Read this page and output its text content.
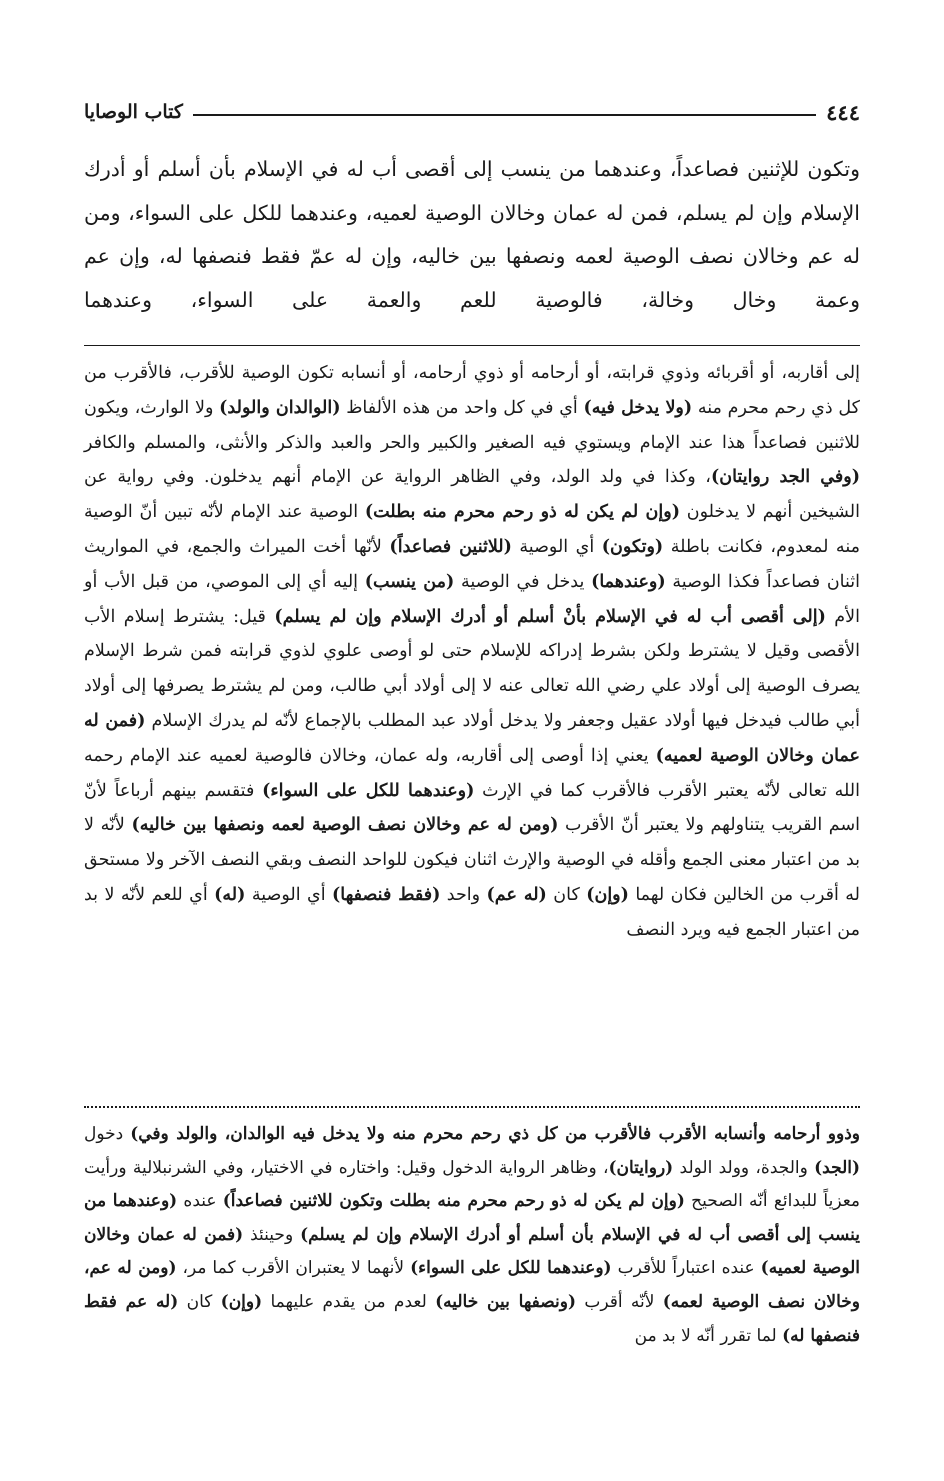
٤٤٤
كتاب الوصايا

وتكون للإثنين فصاعداً، وعندهما من ينسب إلى أقصى أب له في الإسلام بأن أسلم أو أدرك الإسلام وإن لم يسلم، فمن له عمان وخالان الوصية لعميه، وعندهما للكل على السواء، ومن له عم وخالان نصف الوصية لعمه ونصفها بين خاليه، وإن له عمّ فقط فنصفها له، وإن عم وعمة وخال وخالة، فالوصية للعم والعمة على السواء، وعندهما

إلى أقاربه، أو أقربائه وذوي قرابته، أو أرحامه أو ذوي أرحامه، أو أنسابه تكون الوصية للأقرب، فالأقرب من كل ذي رحم محرم منه (ولا يدخل فيه) أي في كل واحد من هذه الألفاظ (الوالدان والولد) ولا الوارث، ويكون للاثنين فصاعداً هذا عند الإمام ويستوي فيه الصغير والكبير والحر والعبد والذكر والأنثى، والمسلم والكافر (وفي الجد روايتان)، وكذا في ولد الولد، وفي الظاهر الرواية عن الإمام أنهم يدخلون. وفي رواية عن الشيخين أنهم لا يدخلون (وإن لم يكن له ذو رحم محرم منه بطلت) الوصية عند الإمام لأنّه تبين أنّ الوصية منه لمعدوم، فكانت باطلة (وتكون) أي الوصية (للاثنين فصاعداً) لأنّها أخت الميراث والجمع، في المواريث اثنان فصاعداً فكذا الوصية (وعندهما) يدخل في الوصية (من ينسب) إليه أي إلى الموصي، من قبل الأب أو الأم (إلى أقصى أب له في الإسلام بأنْ أسلم أو أدرك الإسلام وإن لم يسلم) قيل: يشترط إسلام الأب الأقصى وقيل لا يشترط ولكن بشرط إدراكه للإسلام حتى لو أوصى علوي لذوي قرابته فمن شرط الإسلام يصرف الوصية إلى أولاد علي رضي الله تعالى عنه لا إلى أولاد أبي طالب، ومن لم يشترط يصرفها إلى أولاد أبي طالب فيدخل فيها أولاد عقيل وجعفر ولا يدخل أولاد عبد المطلب بالإجماع لأنّه لم يدرك الإسلام (فمن له عمان وخالان الوصية لعميه) يعني إذا أوصى إلى أقاربه، وله عمان، وخالان فالوصية لعميه عند الإمام رحمه الله تعالى لأنّه يعتبر الأقرب فالأقرب كما في الإرث (وعندهما للكل على السواء) فتقسم بينهم أرباعاً لأنّ اسم القريب يتناولهم ولا يعتبر أنّ الأقرب (ومن له عم وخالان نصف الوصية لعمه ونصفها بين خاليه) لأنّه لا بد من اعتبار معنى الجمع وأقله في الوصية والإرث اثنان فيكون للواحد النصف وبقي النصف الآخر ولا مستحق له أقرب من الخالين فكان لهما (وإن) كان (له عم) واحد (فقط فنصفها) أي الوصية (له) أي للعم لأنّه لا بد من اعتبار الجمع فيه ويرد النصف

وذوو أرحامه وأنسابه الأقرب فالأقرب من كل ذي رحم محرم منه ولا يدخل فيه الوالدان، والولد وفي) دخول (الجد) والجدة، وولد الولد (روايتان)، وظاهر الرواية الدخول وقيل: واختاره في الاختيار، وفي الشرنبلالية ورأيت معزياً للبدائع أنّه الصحيح (وإن لم يكن له ذو رحم محرم منه بطلت وتكون للاثنين فصاعداً) عنده (وعندهما من ينسب إلى أقصى أب له في الإسلام بأن أسلم أو أدرك الإسلام وإن لم يسلم) وحينئذ (فمن له عمان وخالان الوصية لعميه) عنده اعتباراً للأقرب (وعندهما للكل على السواء) لأنهما لا يعتبران الأقرب كما مر، (ومن له عم، وخالان نصف الوصية لعمه) لأنّه أقرب (ونصفها بين خاليه) لعدم من يقدم عليهما (وإن) كان (له عم فقط فنصفها له) لما تقرر أنّه لا بد من
